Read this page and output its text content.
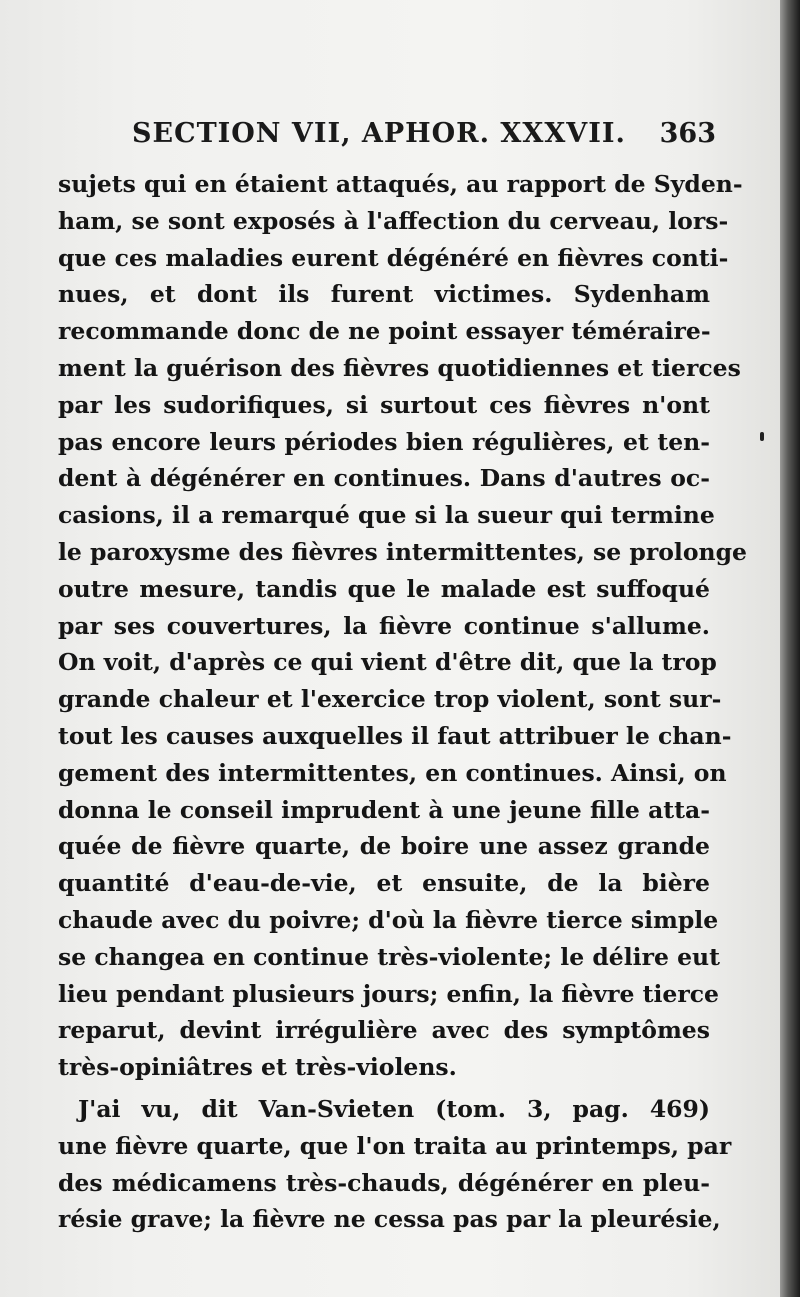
SECTION VII, APHOR. XXXVII. 363
sujets qui en étaient attaqués, au rapport de Syden-
ham, se sont exposés à l'affection du cerveau, lors-
que ces maladies eurent dégénéré en fièvres conti-
nues, et dont ils furent victimes. Sydenham
recommande donc de ne point essayer téméraire-
ment la guérison des fièvres quotidiennes et tierces
par les sudorifiques, si surtout ces fièvres n'ont
pas encore leurs périodes bien régulières, et ten-
dent à dégénérer en continues. Dans d'autres oc-
casions, il a remarqué que si la sueur qui termine
le paroxysme des fièvres intermittentes, se prolonge
outre mesure, tandis que le malade est suffoqué
par ses couvertures, la fièvre continue s'allume.
On voit, d'après ce qui vient d'être dit, que la trop
grande chaleur et l'exercice trop violent, sont sur-
tout les causes auxquelles il faut attribuer le chan-
gement des intermittentes, en continues. Ainsi, on
donna le conseil imprudent à une jeune fille atta-
quée de fièvre quarte, de boire une assez grande
quantité d'eau-de-vie, et ensuite, de la bière
chaude avec du poivre; d'où la fièvre tierce simple
se changea en continue très-violente; le délire eut
lieu pendant plusieurs jours; enfin, la fièvre tierce
reparut, devint irrégulière avec des symptômes
très-opiniâtres et très-violens.
J'ai vu, dit Van-Svieten (tom. 3, pag. 469)
une fièvre quarte, que l'on traita au printemps, par
des médicamens très-chauds, dégénérer en pleu-
résie grave; la fièvre ne cessa pas par la pleurésie,
